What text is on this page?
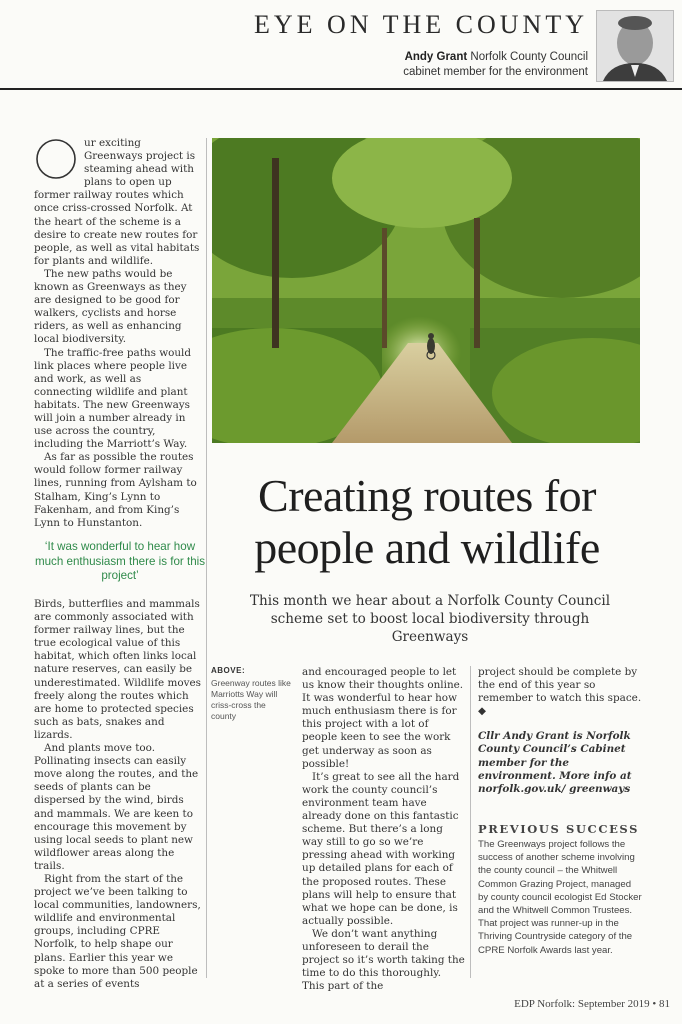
EYE ON THE COUNTY
Andy Grant Norfolk County Council
cabinet member for the environment
O

ur exciting Greenways project is steaming ahead with plans to open up former railway routes which once criss-crossed Norfolk. At the heart of the scheme is a desire to create new routes for people, as well as vital habitats for plants and wildlife.

The new paths would be known as Greenways as they are designed to be good for walkers, cyclists and horse riders, as well as enhancing local biodiversity.

The traffic-free paths would link places where people live and work, as well as connecting wildlife and plant habitats. The new Greenways will join a number already in use across the country, including the Marriott’s Way.

As far as possible the routes would follow former railway lines, running from Aylsham to Stalham, King’s Lynn to Fakenham, and from King’s Lynn to Hunstanton.

‘It was wonderful to hear how much enthusiasm there is for this project’

Birds, butterflies and mammals are commonly associated with former railway lines, but the true ecological value of this habitat, which often links local nature reserves, can easily be underestimated. Wildlife moves freely along the routes which are home to protected species such as bats, snakes and lizards.

And plants move too. Pollinating insects can easily move along the routes, and the seeds of plants can be dispersed by the wind, birds and mammals. We are keen to encourage this movement by using local seeds to plant new wildflower areas along the trails.

Right from the start of the project we’ve been talking to local communities, landowners, wildlife and environmental groups, including CPRE Norfolk, to help shape our plans. Earlier this year we spoke to more than 500 people at a series of events

Creating routes for people and wildlife
This month we hear about a Norfolk County Council scheme set to boost local biodiversity through Greenways
ABOVE:
Greenway routes like Marriotts Way will criss-cross the county

and encouraged people to let us know their thoughts online. It was wonderful to hear how much enthusiasm there is for this project with a lot of people keen to see the work get underway as soon as possible!

It’s great to see all the hard work the county council’s environment team have already done on this fantastic scheme. But there’s a long way still to go so we’re pressing ahead with working up detailed plans for each of the proposed routes. These plans will help to ensure that what we hope can be done, is actually possible.

We don’t want anything unforeseen to derail the project so it’s worth taking the time to do this thoroughly. This part of the

project should be complete by the end of this year so remember to watch this space. ◆

Cllr Andy Grant is Norfolk County Council’s Cabinet member for the environment. More info at norfolk.gov.uk/ greenways

PREVIOUS SUCCESS
The Greenways project follows the success of another scheme involving the county council – the Whitwell Common Grazing Project, managed by county council ecologist Ed Stocker and the Whitwell Common Trustees. That project was runner-up in the Thriving Countryside category of the CPRE Norfolk Awards last year.
EDP Norfolk: September 2019 • 81
